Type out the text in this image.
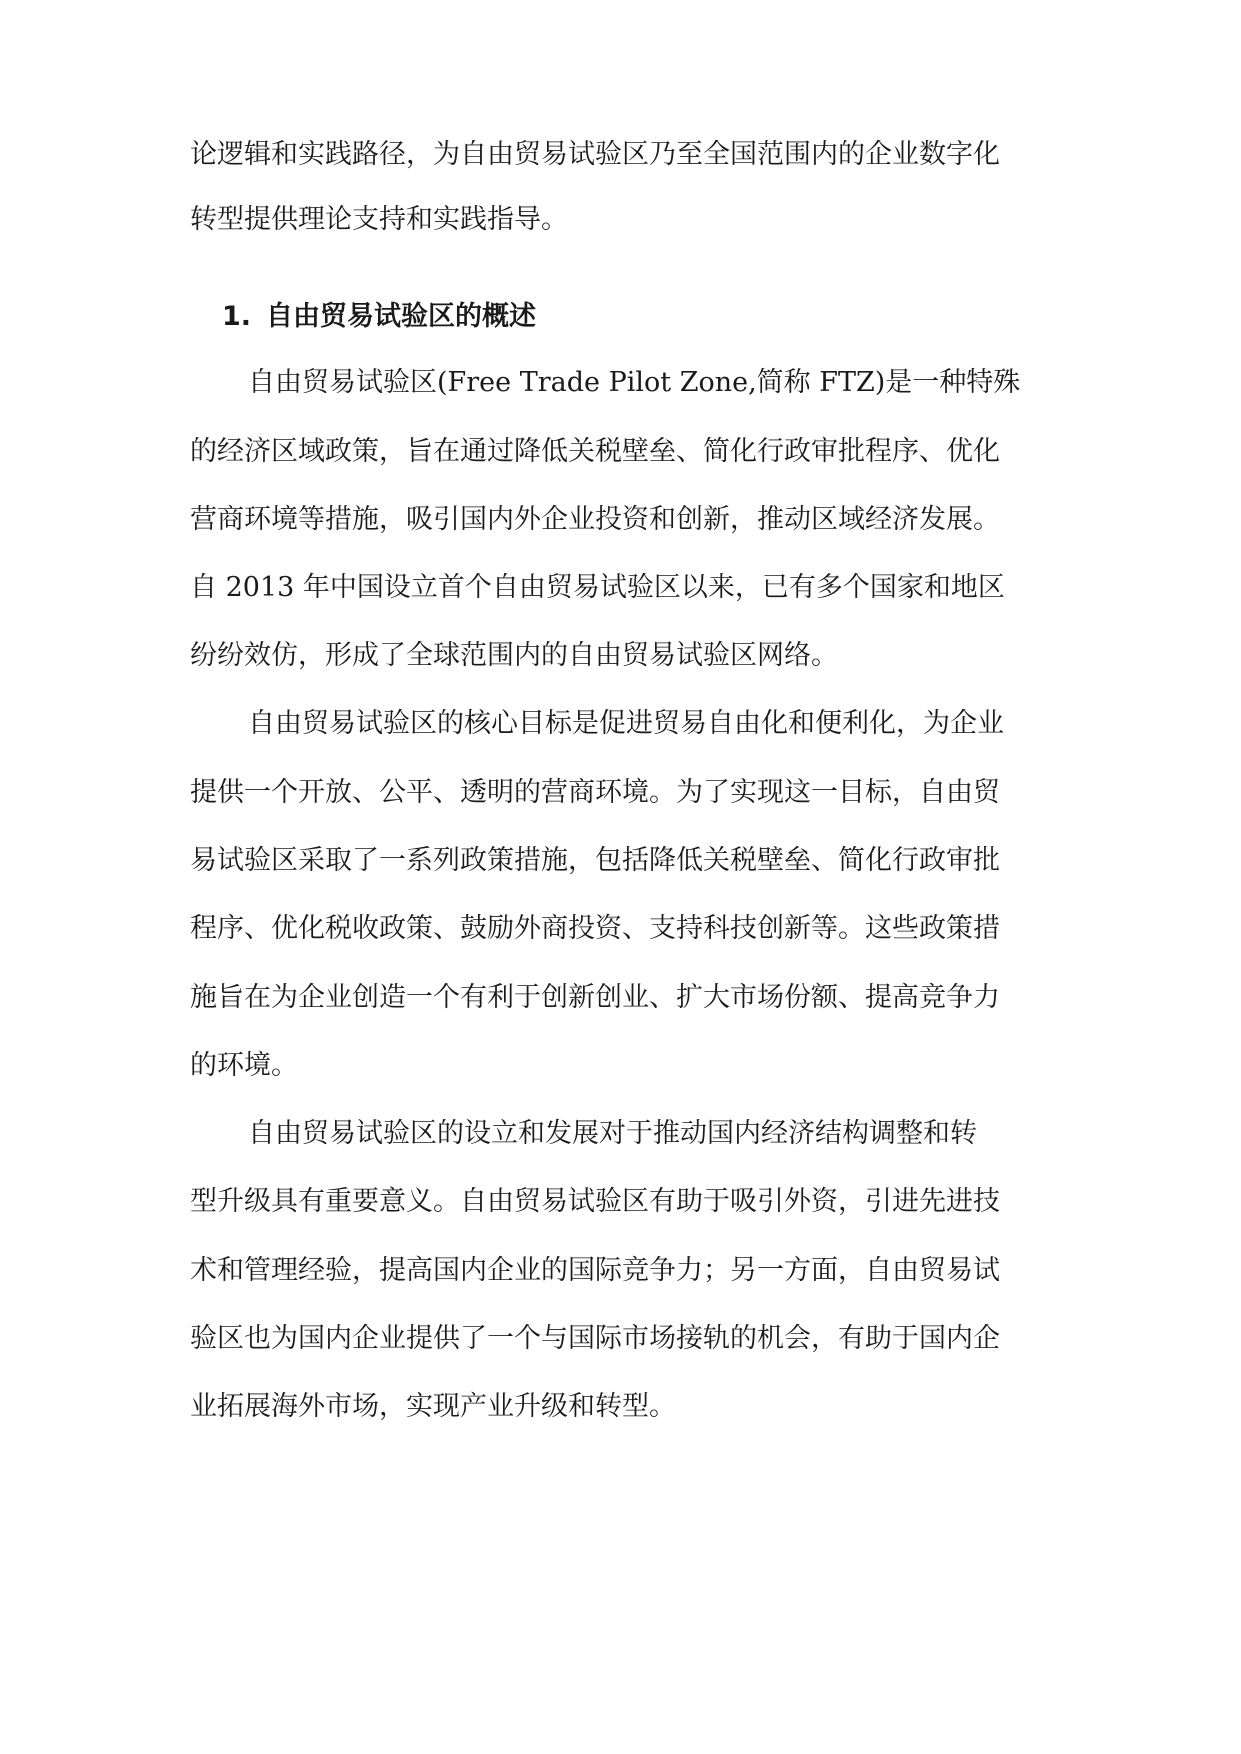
论逻辑和实践路径，为自由贸易试验区乃至全国范围内的企业数字化
转型提供理论支持和实践指导。
1. 自由贸易试验区的概述
自由贸易试验区(Free Trade Pilot Zone,简称 FTZ)是一种特殊
的经济区域政策，旨在通过降低关税壁垒、简化行政审批程序、优化
营商环境等措施，吸引国内外企业投资和创新，推动区域经济发展。
自 2013 年中国设立首个自由贸易试验区以来，已有多个国家和地区
纷纷效仿，形成了全球范围内的自由贸易试验区网络。
自由贸易试验区的核心目标是促进贸易自由化和便利化，为企业
提供一个开放、公平、透明的营商环境。为了实现这一目标，自由贸
易试验区采取了一系列政策措施，包括降低关税壁垒、简化行政审批
程序、优化税收政策、鼓励外商投资、支持科技创新等。这些政策措
施旨在为企业创造一个有利于创新创业、扩大市场份额、提高竞争力
的环境。
自由贸易试验区的设立和发展对于推动国内经济结构调整和转
型升级具有重要意义。自由贸易试验区有助于吸引外资，引进先进技
术和管理经验，提高国内企业的国际竞争力；另一方面，自由贸易试
验区也为国内企业提供了一个与国际市场接轨的机会，有助于国内企
业拓展海外市场，实现产业升级和转型。
